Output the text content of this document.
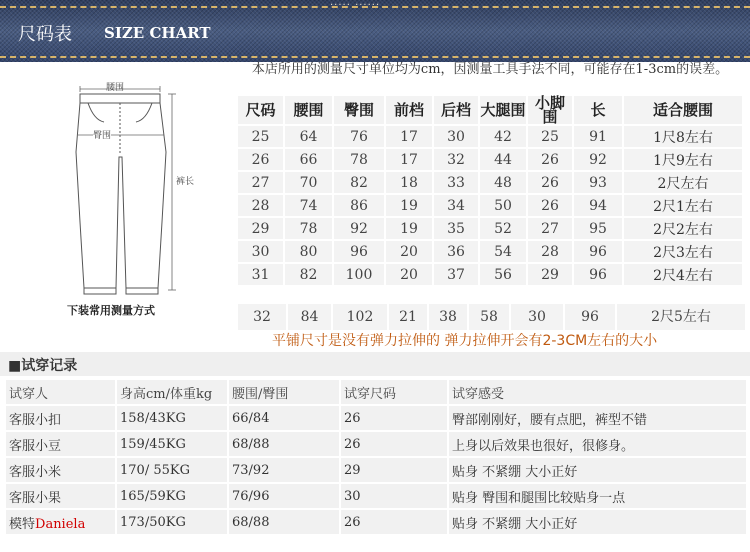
..... ......
尺码表 SIZE CHART
腰围
臀围
裤长
下装常用测量方式
本店所用的测量尺寸单位均为cm，因测量工具手法不同，可能存在1-3cm的误差。
尺码	腰围	臀围	前档	后档	大腿围	小脚围	长	适合腰围
25	64	76	17	30	42	25	91	1尺8左右
26	66	78	17	32	44	26	92	1尺9左右
27	70	82	18	33	48	26	93	2尺左右
28	74	86	19	34	50	26	94	2尺1左右
29	78	92	19	35	52	27	95	2尺2左右
30	80	96	20	36	54	28	96	2尺3左右
31	82	100	20	37	56	29	96	2尺4左右
32	84	102	21	38	58	30	96	2尺5左右
平铺尺寸是没有弹力拉伸的 弹力拉伸开会有2-3CM左右的大小
■试穿记录
试穿人	身高cm/体重kg	腰围/臀围	试穿尺码	试穿感受
客服小扣	158/43KG	66/84	26	臀部刚刚好，腰有点肥，裤型不错
客服小豆	159/45KG	68/88	26	上身以后效果也很好，很修身。
客服小米	170/ 55KG	73/92	29	贴身 不紧绷 大小正好
客服小果	165/59KG	76/96	30	贴身 臀围和腿围比较贴身一点
模特Daniela	173/50KG	68/88	26	贴身 不紧绷 大小正好
